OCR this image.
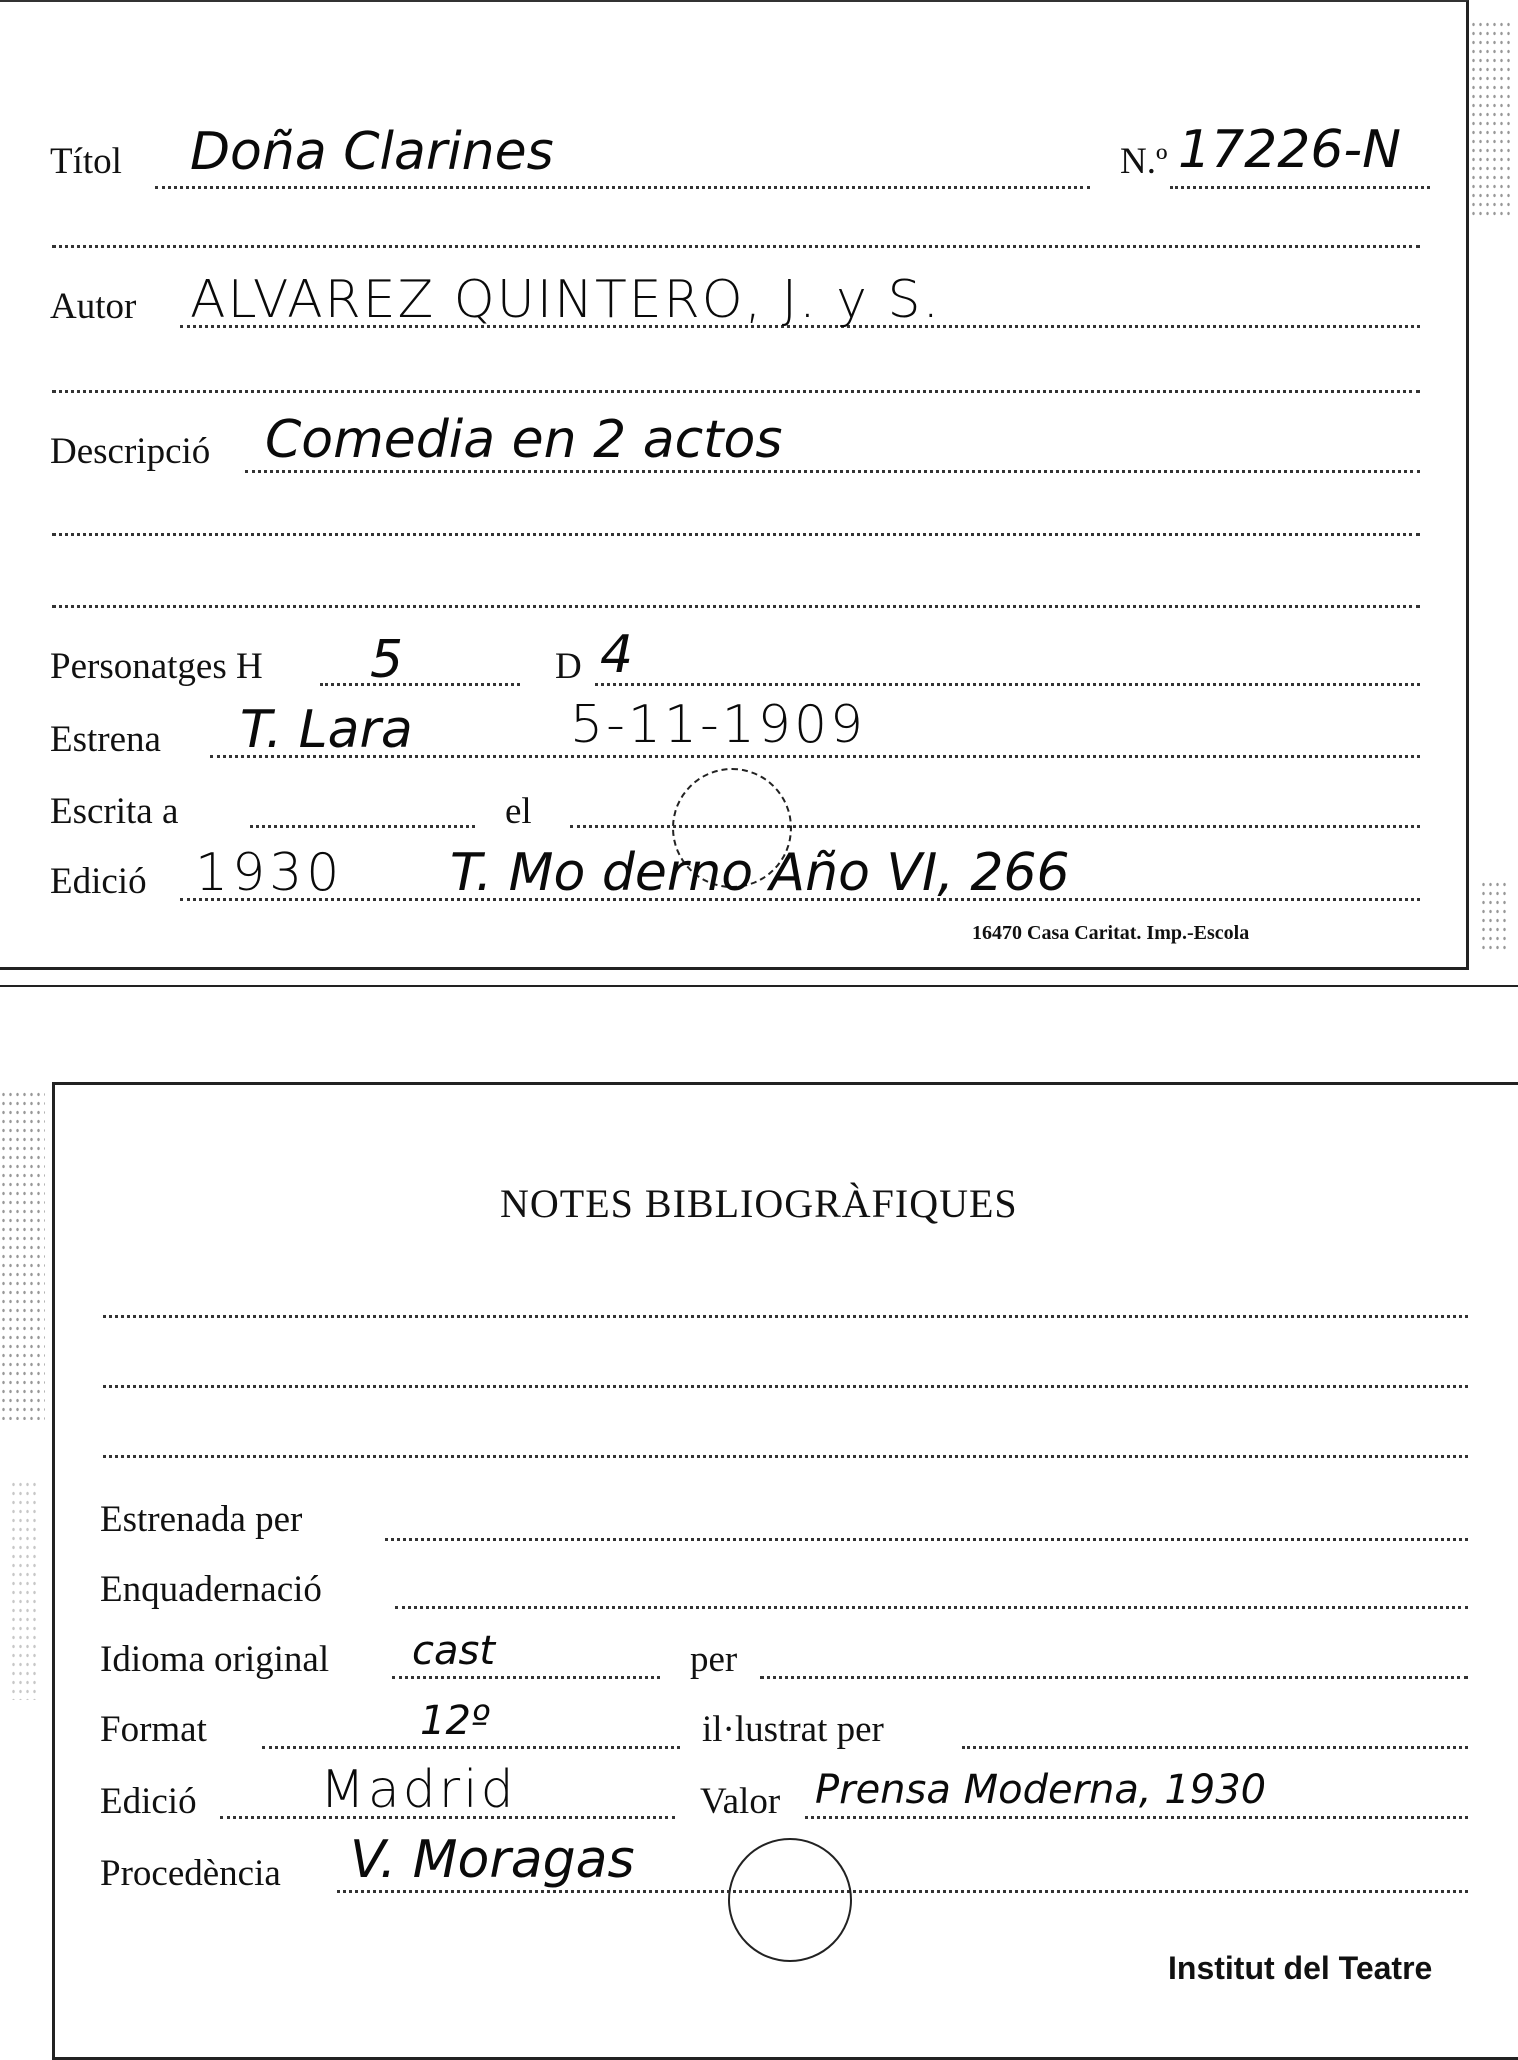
Títol Doña Clarines	N.º 17226-N
Autor ALVAREZ QUINTERO, J. y S.
Descripció Comedia en 2 actos
Personatges H 5	D 4
Estrena T. Lara	5-11-1909
Escrita a	el
Edició 1930 T. Mo derno Año VI, 266
16470 Casa Caritat. Imp.-Escola
NOTES BIBLIOGRÀFIQUES
Estrenada per
Enquadernació
Idioma original cast	per
Format	12º	il·lustrat per
Edició Madrid	Valor Prensa Moderna, 1930
Procedència V. Moragas
Institut del Teatre
